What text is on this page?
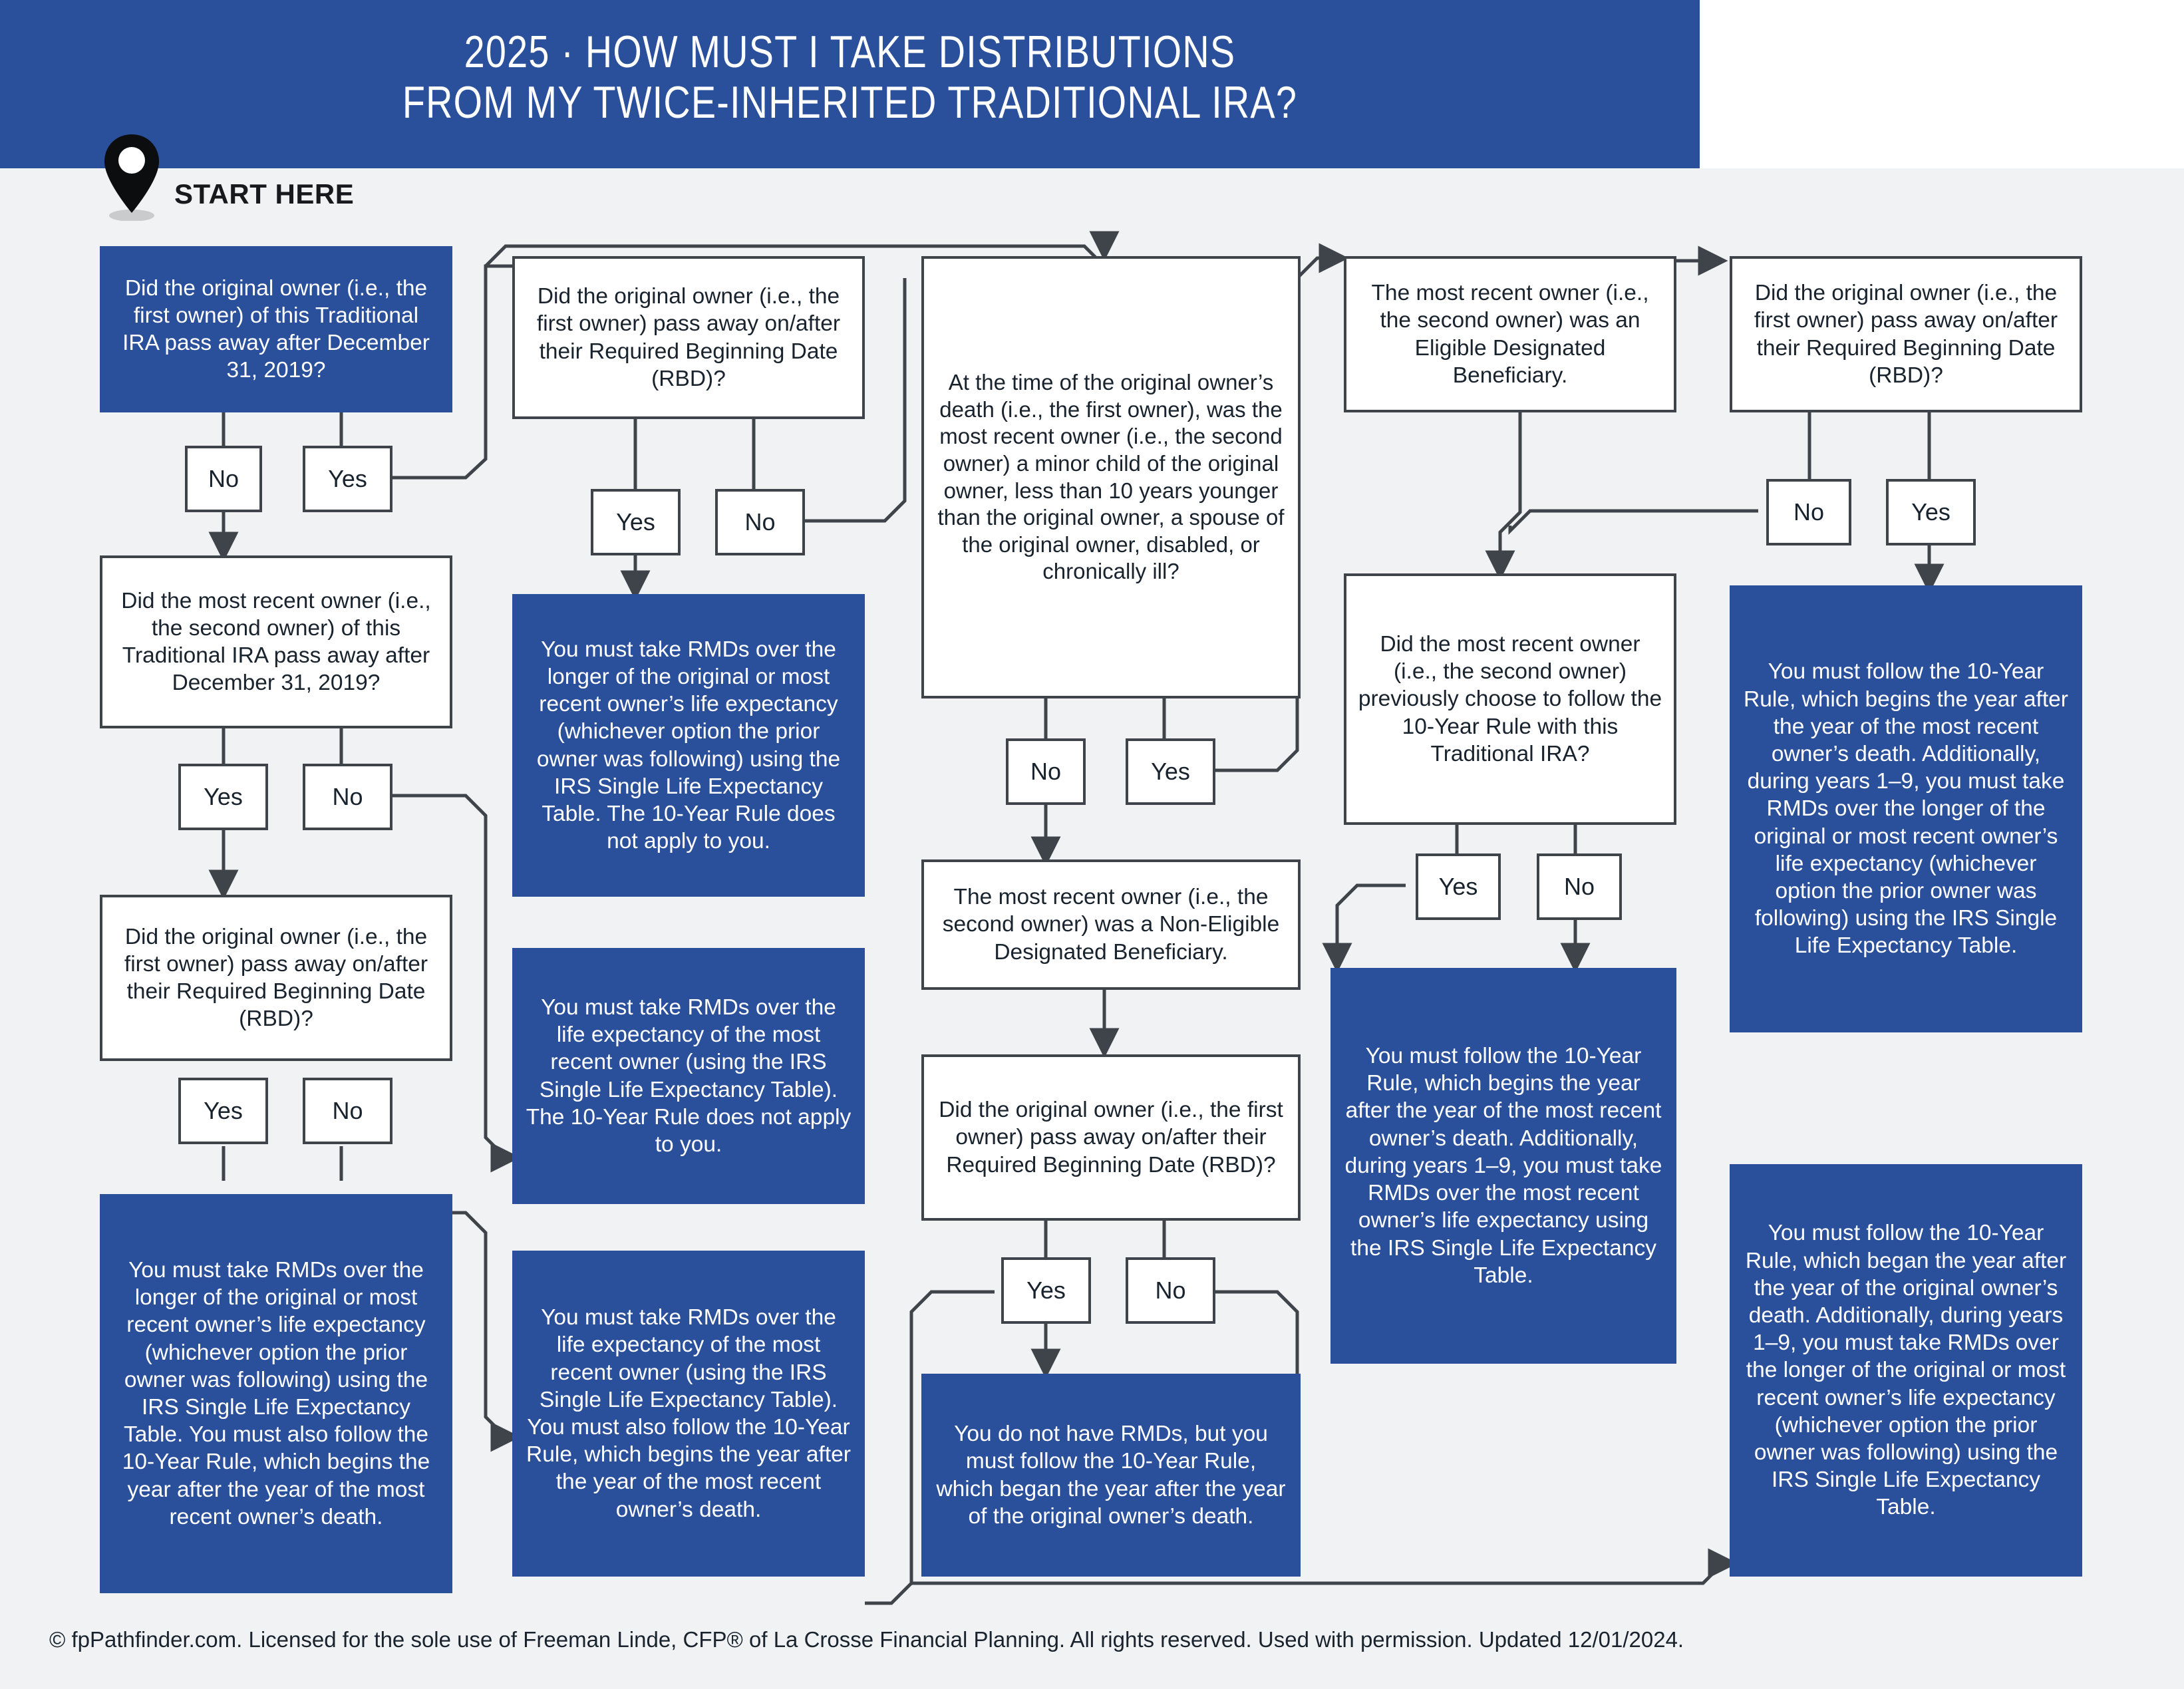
2025 · HOW MUST I TAKE DISTRIBUTIONS
FROM MY TWICE-INHERITED TRADITIONAL IRA?
START HERE
Did the original owner (i.e., the first owner) of this Traditional IRA pass away after December 31, 2019?
No	Yes
Did the most recent owner (i.e., the second owner) of this Traditional IRA pass away after December 31, 2019?
Yes	No
Did the original owner (i.e., the first owner) pass away on/after their Required Beginning Date (RBD)?
Yes	No
You must take RMDs over the longer of the original or most recent owner’s life expectancy (whichever option the prior owner was following) using the IRS Single Life Expectancy Table. You must also follow the 10-Year Rule, which begins the year after the year of the most recent owner’s death.
Did the original owner (i.e., the first owner) pass away on/after their Required Beginning Date (RBD)?
Yes	No
You must take RMDs over the longer of the original or most recent owner’s life expectancy (whichever option the prior owner was following) using the IRS Single Life Expectancy Table. The 10-Year Rule does not apply to you.
You must take RMDs over the life expectancy of the most recent owner (using the IRS Single Life Expectancy Table). The 10-Year Rule does not apply to you.
You must take RMDs over the life expectancy of the most recent owner (using the IRS Single Life Expectancy Table). You must also follow the 10-Year Rule, which begins the year after the year of the most recent owner’s death.
At the time of the original owner’s death (i.e., the first owner), was the most recent owner (i.e., the second owner) a minor child of the original owner, less than 10 years younger than the original owner, a spouse of the original owner, disabled, or chronically ill?
No	Yes
The most recent owner (i.e., the second owner) was a Non-Eligible Designated Beneficiary.
Did the original owner (i.e., the first owner) pass away on/after their Required Beginning Date (RBD)?
Yes	No
You do not have RMDs, but you must follow the 10-Year Rule, which began the year after the year of the original owner’s death.
The most recent owner (i.e., the second owner) was an Eligible Designated Beneficiary.
Did the most recent owner (i.e., the second owner) previously choose to follow the 10-Year Rule with this Traditional IRA?
Yes	No
You must follow the 10-Year Rule, which begins the year after the year of the most recent owner’s death. Additionally, during years 1–9, you must take RMDs over the most recent owner’s life expectancy using the IRS Single Life Expectancy Table.
Did the original owner (i.e., the first owner) pass away on/after their Required Beginning Date (RBD)?
No	Yes
You must follow the 10-Year Rule, which begins the year after the year of the most recent owner’s death. Additionally, during years 1–9, you must take RMDs over the longer of the original or most recent owner’s life expectancy (whichever option the prior owner was following) using the IRS Single Life Expectancy Table.
You must follow the 10-Year Rule, which began the year after the year of the original owner’s death. Additionally, during years 1–9, you must take RMDs over the longer of the original or most recent owner’s life expectancy (whichever option the prior owner was following) using the IRS Single Life Expectancy Table.
© fpPathfinder.com. Licensed for the sole use of Freeman Linde, CFP® of La Crosse Financial Planning. All rights reserved. Used with permission. Updated 12/01/2024.
